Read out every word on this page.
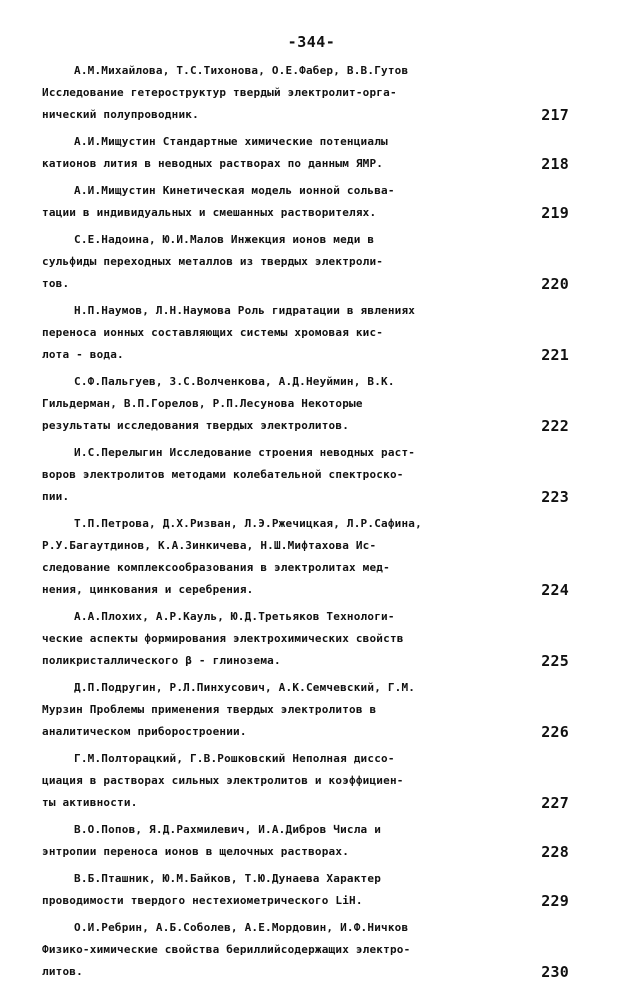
-344-
А.М.Михайлова, Т.С.Тихонова, О.Е.Фабер, В.В.Гутов
Исследование гетероструктур твердый электролит-орга-
нический полупроводник.	217
А.И.Мищустин Стандартные химические потенциалы
катионов лития в неводных растворах по данным ЯМР.	218
А.И.Мищустин Кинетическая модель ионной сольва-
тации в индивидуальных и смешанных растворителях.	219
С.Е.Надоина, Ю.И.Малов Инжекция ионов меди в
сульфиды переходных металлов из твердых электроли-
тов.	220
Н.П.Наумов, Л.Н.Наумова Роль гидратации в явлениях
переноса ионных составляющих системы хромовая кис-
лота - вода.	221
С.Ф.Пальгуев, З.С.Волченкова, А.Д.Неуймин, В.К.
Гильдерман, В.П.Горелов, Р.П.Лесунова Некоторые
результаты исследования твердых электролитов.	222
И.С.Перелыгин Исследование строения неводных раст-
воров электролитов методами колебательной спектроско-
пии.	223
Т.П.Петрова, Д.Х.Ризван, Л.Э.Ржечицкая, Л.Р.Сафина,
Р.У.Багаутдинов, К.А.Зинкичева, Н.Ш.Мифтахова Ис-
следование комплексообразования в электролитах мед-
нения, цинкования и серебрения.	224
А.А.Плохих, А.Р.Кауль, Ю.Д.Третьяков Технологи-
ческие аспекты формирования электрохимических свойств
поликристаллического β - глинозема.	225
Д.П.Подругин, Р.Л.Пинхусович, А.К.Семчевский, Г.М.
Мурзин Проблемы применения твердых электролитов в
аналитическом приборостроении.	226
Г.М.Полторацкий, Г.В.Рошковский Неполная диссо-
циация в растворах сильных электролитов и коэффициен-
ты активности.	227
В.О.Попов, Я.Д.Рахмилевич, И.А.Дибров Числа и
энтропии переноса ионов в щелочных растворах.	228
В.Б.Пташник, Ю.М.Байков, Т.Ю.Дунаева Характер
проводимости твердого нестехиометрического LiH.	229
О.И.Ребрин, А.Б.Соболев, А.Е.Мордовин, И.Ф.Ничков
Физико-химические свойства бериллийсодержащих электро-
литов.	230
